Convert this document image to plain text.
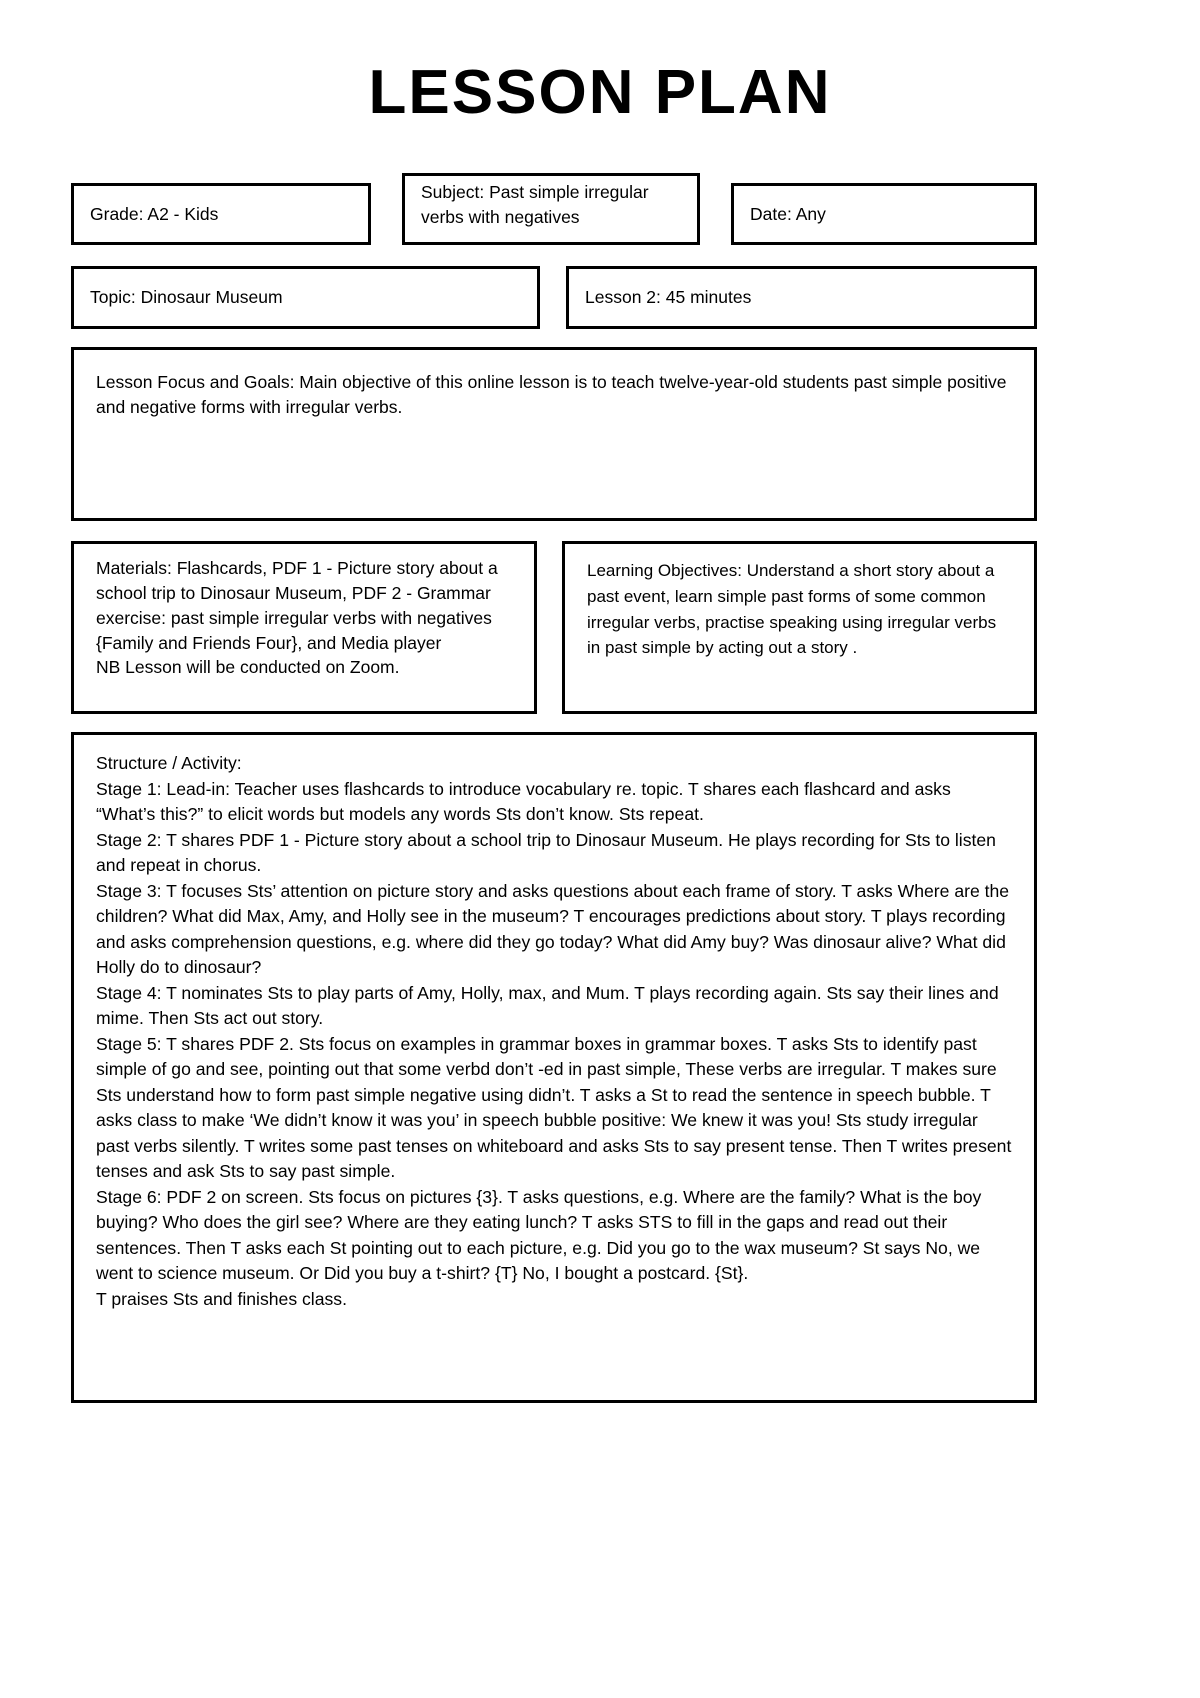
LESSON PLAN
Grade: A2 - Kids
Subject: Past simple irregular verbs with negatives	Date: Any
Topic: Dinosaur Museum	Lesson 2: 45 minutes
Lesson Focus and Goals: Main objective of this online lesson is to teach twelve-year-old students past simple positive and negative forms with irregular verbs.

Materials: Flashcards, PDF 1 - Picture story about a school trip to Dinosaur Museum, PDF 2 - Grammar exercise: past simple irregular verbs with negatives {Family and Friends Four}, and Media player

NB Lesson will be conducted on Zoom.

Learning Objectives: Understand a short story about a past event, learn simple past forms of some common irregular verbs, practise speaking using irregular verbs in past simple by acting out a story .

Structure / Activity:

Stage 1: Lead-in: Teacher uses flashcards to introduce vocabulary re. topic. T shares each flashcard and asks “What’s this?” to elicit words but models any words Sts don’t know. Sts repeat.

Stage 2: T shares PDF 1 - Picture story about a school trip to Dinosaur Museum. He plays recording for Sts to listen and repeat in chorus.

Stage 3: T focuses Sts’ attention on picture story and asks questions about each frame of story. T asks Where are the children? What did Max, Amy, and Holly see in the museum? T encourages predictions about story. T plays recording and asks comprehension questions, e.g. where did they go today? What did Amy buy? Was dinosaur alive? What did Holly do to dinosaur?

Stage 4: T nominates Sts to play parts of Amy, Holly, max, and Mum. T plays recording again. Sts say their lines and mime. Then Sts act out story.

Stage 5: T shares PDF 2. Sts focus on examples in grammar boxes in grammar boxes. T asks Sts to identify past simple of go and see, pointing out that some verbd don’t -ed in past simple, These verbs are irregular. T makes sure Sts understand how to form past simple negative using didn’t. T asks a St to read the sentence in speech bubble. T asks class to make ‘We didn’t know it was you’ in speech bubble positive: We knew it was you! Sts study irregular past verbs silently. T writes some past tenses on whiteboard and asks Sts to say present tense. Then T writes present tenses and ask Sts to say past simple.

Stage 6: PDF 2 on screen. Sts focus on pictures {3}. T asks questions, e.g. Where are the family? What is the boy buying? Who does the girl see? Where are they eating lunch? T asks STS to fill in the gaps and read out their sentences. Then T asks each St pointing out to each picture, e.g. Did you go to the wax museum? St says No, we went to science museum. Or Did you buy a t-shirt? {T} No, I bought a postcard. {St}.

T praises Sts and finishes class.
